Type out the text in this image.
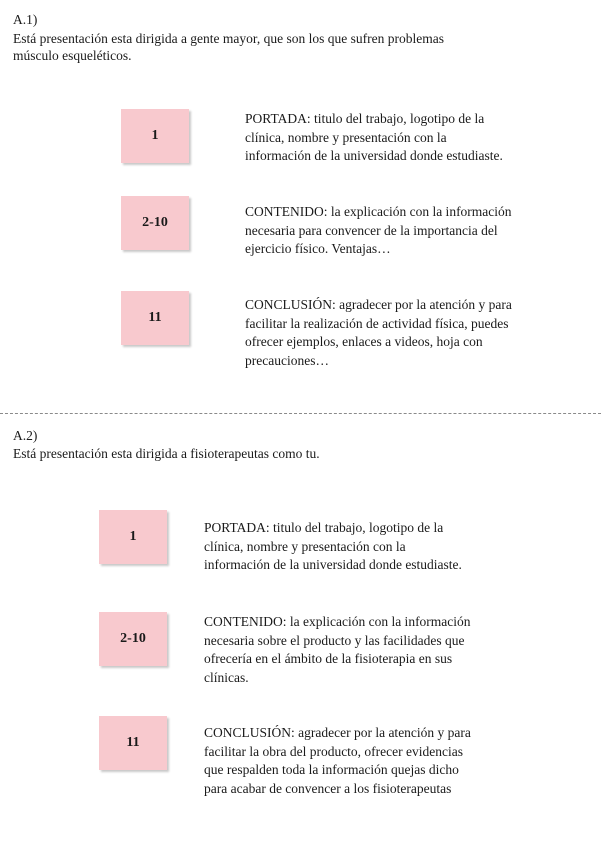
A.1)
Está presentación esta dirigida a gente mayor, que son los que sufren problemas
músculo esqueléticos.
1
PORTADA: titulo del trabajo, logotipo de la
clínica, nombre y presentación con la
información de la universidad donde estudiaste.
2-10
CONTENIDO: la explicación con la información
necesaria para convencer de la importancia del
ejercicio físico. Ventajas…
11
CONCLUSIÓN: agradecer por la atención y para
facilitar la realización de actividad física, puedes
ofrecer ejemplos, enlaces a videos, hoja con
precauciones…
A.2)
Está presentación esta dirigida a fisioterapeutas como tu.
1
PORTADA: titulo del trabajo, logotipo de la
clínica, nombre y presentación con la
información de la universidad donde estudiaste.
2-10
CONTENIDO: la explicación con la información
necesaria sobre el producto y las facilidades que
ofrecería en el ámbito de la fisioterapia en sus
clínicas.
11
CONCLUSIÓN: agradecer por la atención y para
facilitar la obra del producto, ofrecer evidencias
que respalden toda la información quejas dicho
para acabar de convencer a los fisioterapeutas
